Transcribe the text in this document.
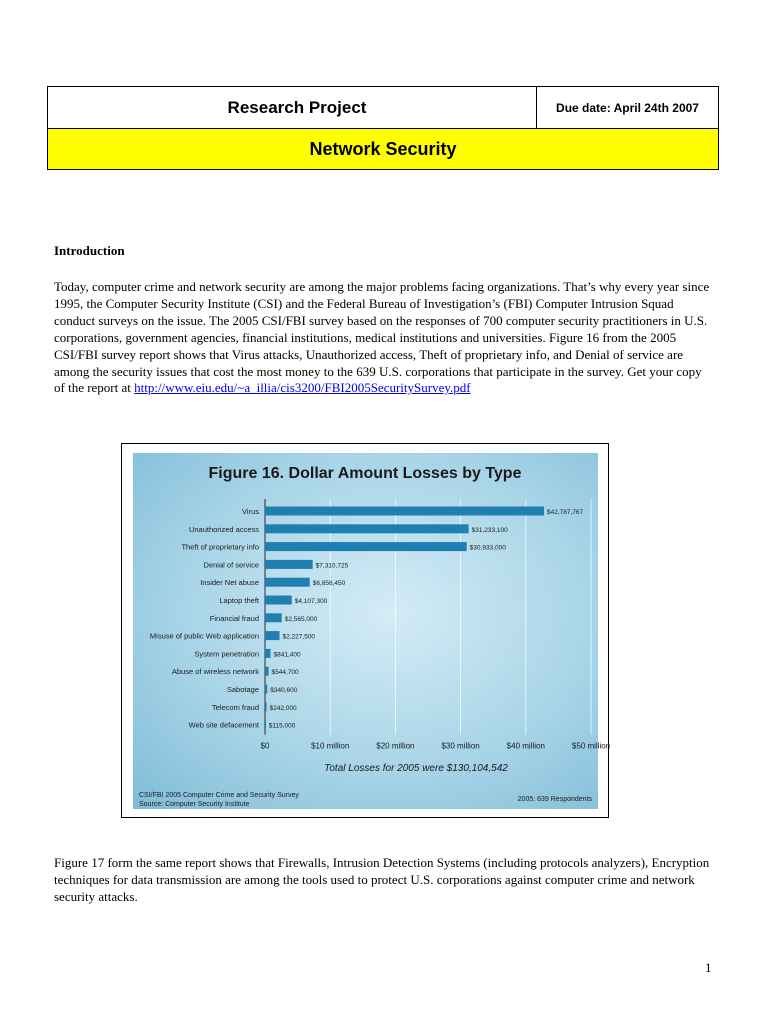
Research Project	Due date: April 24th 2007
Network Security
Introduction
Today, computer crime and network security are among the major problems facing organizations. That’s why every year since 1995, the Computer Security Institute (CSI) and the Federal Bureau of Investigation’s (FBI) Computer Intrusion Squad conduct surveys on the issue. The 2005 CSI/FBI survey based on the responses of 700 computer security practitioners in U.S. corporations, government agencies, financial institutions, medical institutions and universities. Figure 16 from the 2005 CSI/FBI survey report shows that Virus attacks, Unauthorized access, Theft of proprietary info, and Denial of service are among the security issues that cost the most money to the 639 U.S. corporations that participate in the survey. Get your copy of the report at http://www.eiu.edu/~a_illia/cis3200/FBI2005SecuritySurvey.pdf
Figure 16. Dollar Amount Losses by Type
Virus
Unauthorized access
Theft of proprietary info
Denial of service
Insider Net abuse
Laptop theft
Financial fraud
Misuse of public Web application
System penetration
Abuse of wireless network
Sabotage
Telecom fraud
Web site defacement
$42,787,767
$31,233,100
$30,933,000
$7,310,725
$6,856,450
$4,107,300
$2,565,000
$2,227,500
$841,400
$544,700
$340,600
$242,000
$115,000
$0	$10 million	$20 million	$30 million	$40 million	$50 million
Total Losses for 2005 were $130,104,542
CSI/FBI 2005 Computer Crime and Security Survey
Source: Computer Security Institute
2005: 639 Respondents
Figure 17 form the same report shows that Firewalls, Intrusion Detection Systems (including protocols analyzers), Encryption techniques for data transmission are among the tools used to protect U.S. corporations against computer crime and network security attacks.
1
